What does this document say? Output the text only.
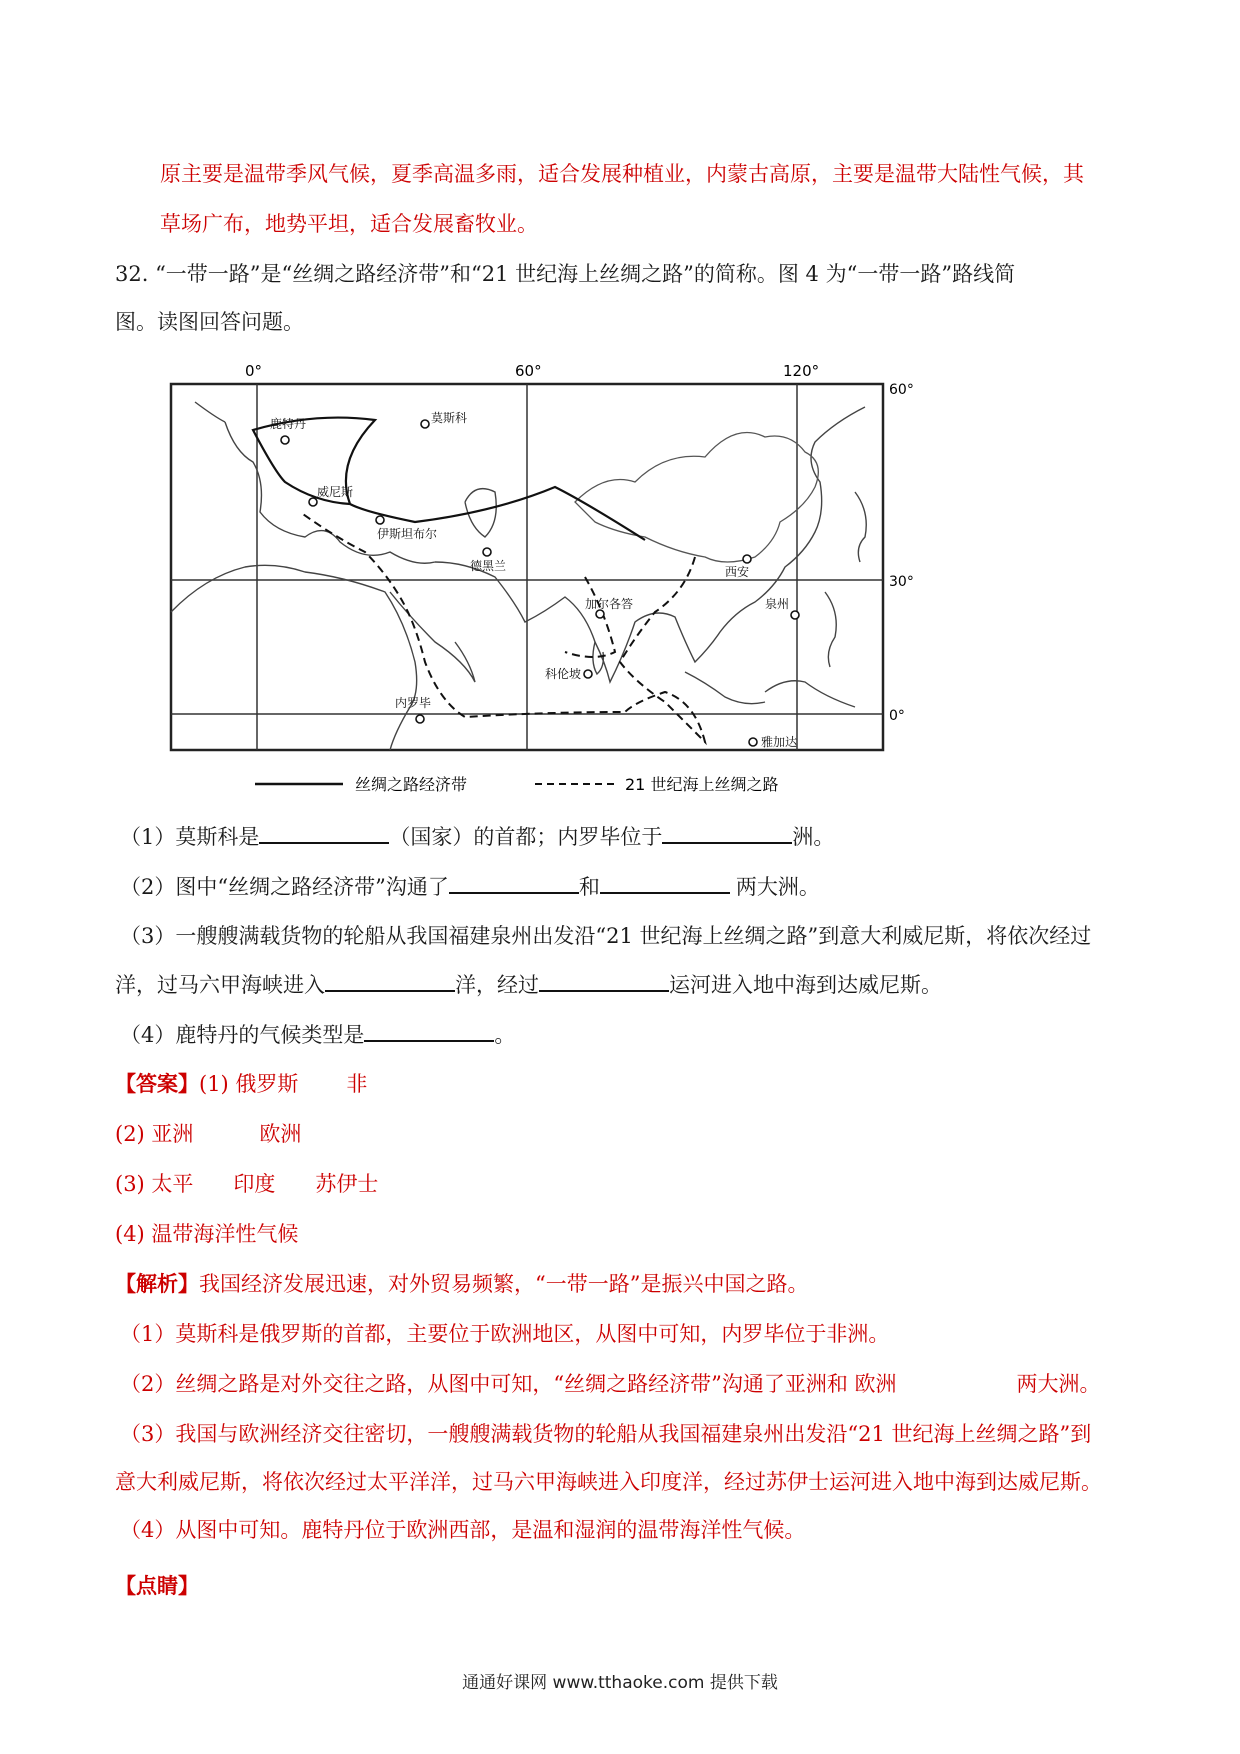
原主要是温带季风气候，夏季高温多雨，适合发展种植业，内蒙古高原，主要是温带大陆性气候，其
草场广布，地势平坦，适合发展畜牧业。
32. “一带一路”是“丝绸之路经济带”和“21 世纪海上丝绸之路”的简称。图 4 为“一带一路”路线简
图。读图回答问题。
0°	60°	120°
60°
30°
0°
鹿特丹	莫斯科
威尼斯
伊斯坦布尔
德黑兰	西安
加尔各答	泉州
科伦坡
内罗毕
雅加达
丝绸之路经济带	21 世纪海上丝绸之路
（1）莫斯科是	（国家）的首都；内罗毕位于	洲。
（2）图中“丝绸之路经济带”沟通了	和	两大洲。
（3）一艘艘满载货物的轮船从我国福建泉州出发沿“21 世纪海上丝绸之路”到意大利威尼斯，将依次经过
洋，过马六甲海峡进入	洋，经过	运河进入地中海到达威尼斯。
（4）鹿特丹的气候类型是	。
【答案】(1) 俄罗斯 非
(2) 亚洲	欧洲
(3) 太平 印度 苏伊士
(4) 温带海洋性气候
【解析】我国经济发展迅速，对外贸易频繁，“一带一路”是振兴中国之路。
（1）莫斯科是俄罗斯的首都，主要位于欧洲地区，从图中可知，内罗毕位于非洲。
（2）丝绸之路是对外交往之路，从图中可知，“丝绸之路经济带”沟通了亚洲和 欧洲	两大洲。
（3）我国与欧洲经济交往密切，一艘艘满载货物的轮船从我国福建泉州出发沿“21 世纪海上丝绸之路”到
意大利威尼斯，将依次经过太平洋洋，过马六甲海峡进入印度洋，经过苏伊士运河进入地中海到达威尼斯。
（4）从图中可知。鹿特丹位于欧洲西部，是温和湿润的温带海洋性气候。
【点睛】
通通好课网 www.tthaoke.com 提供下载
